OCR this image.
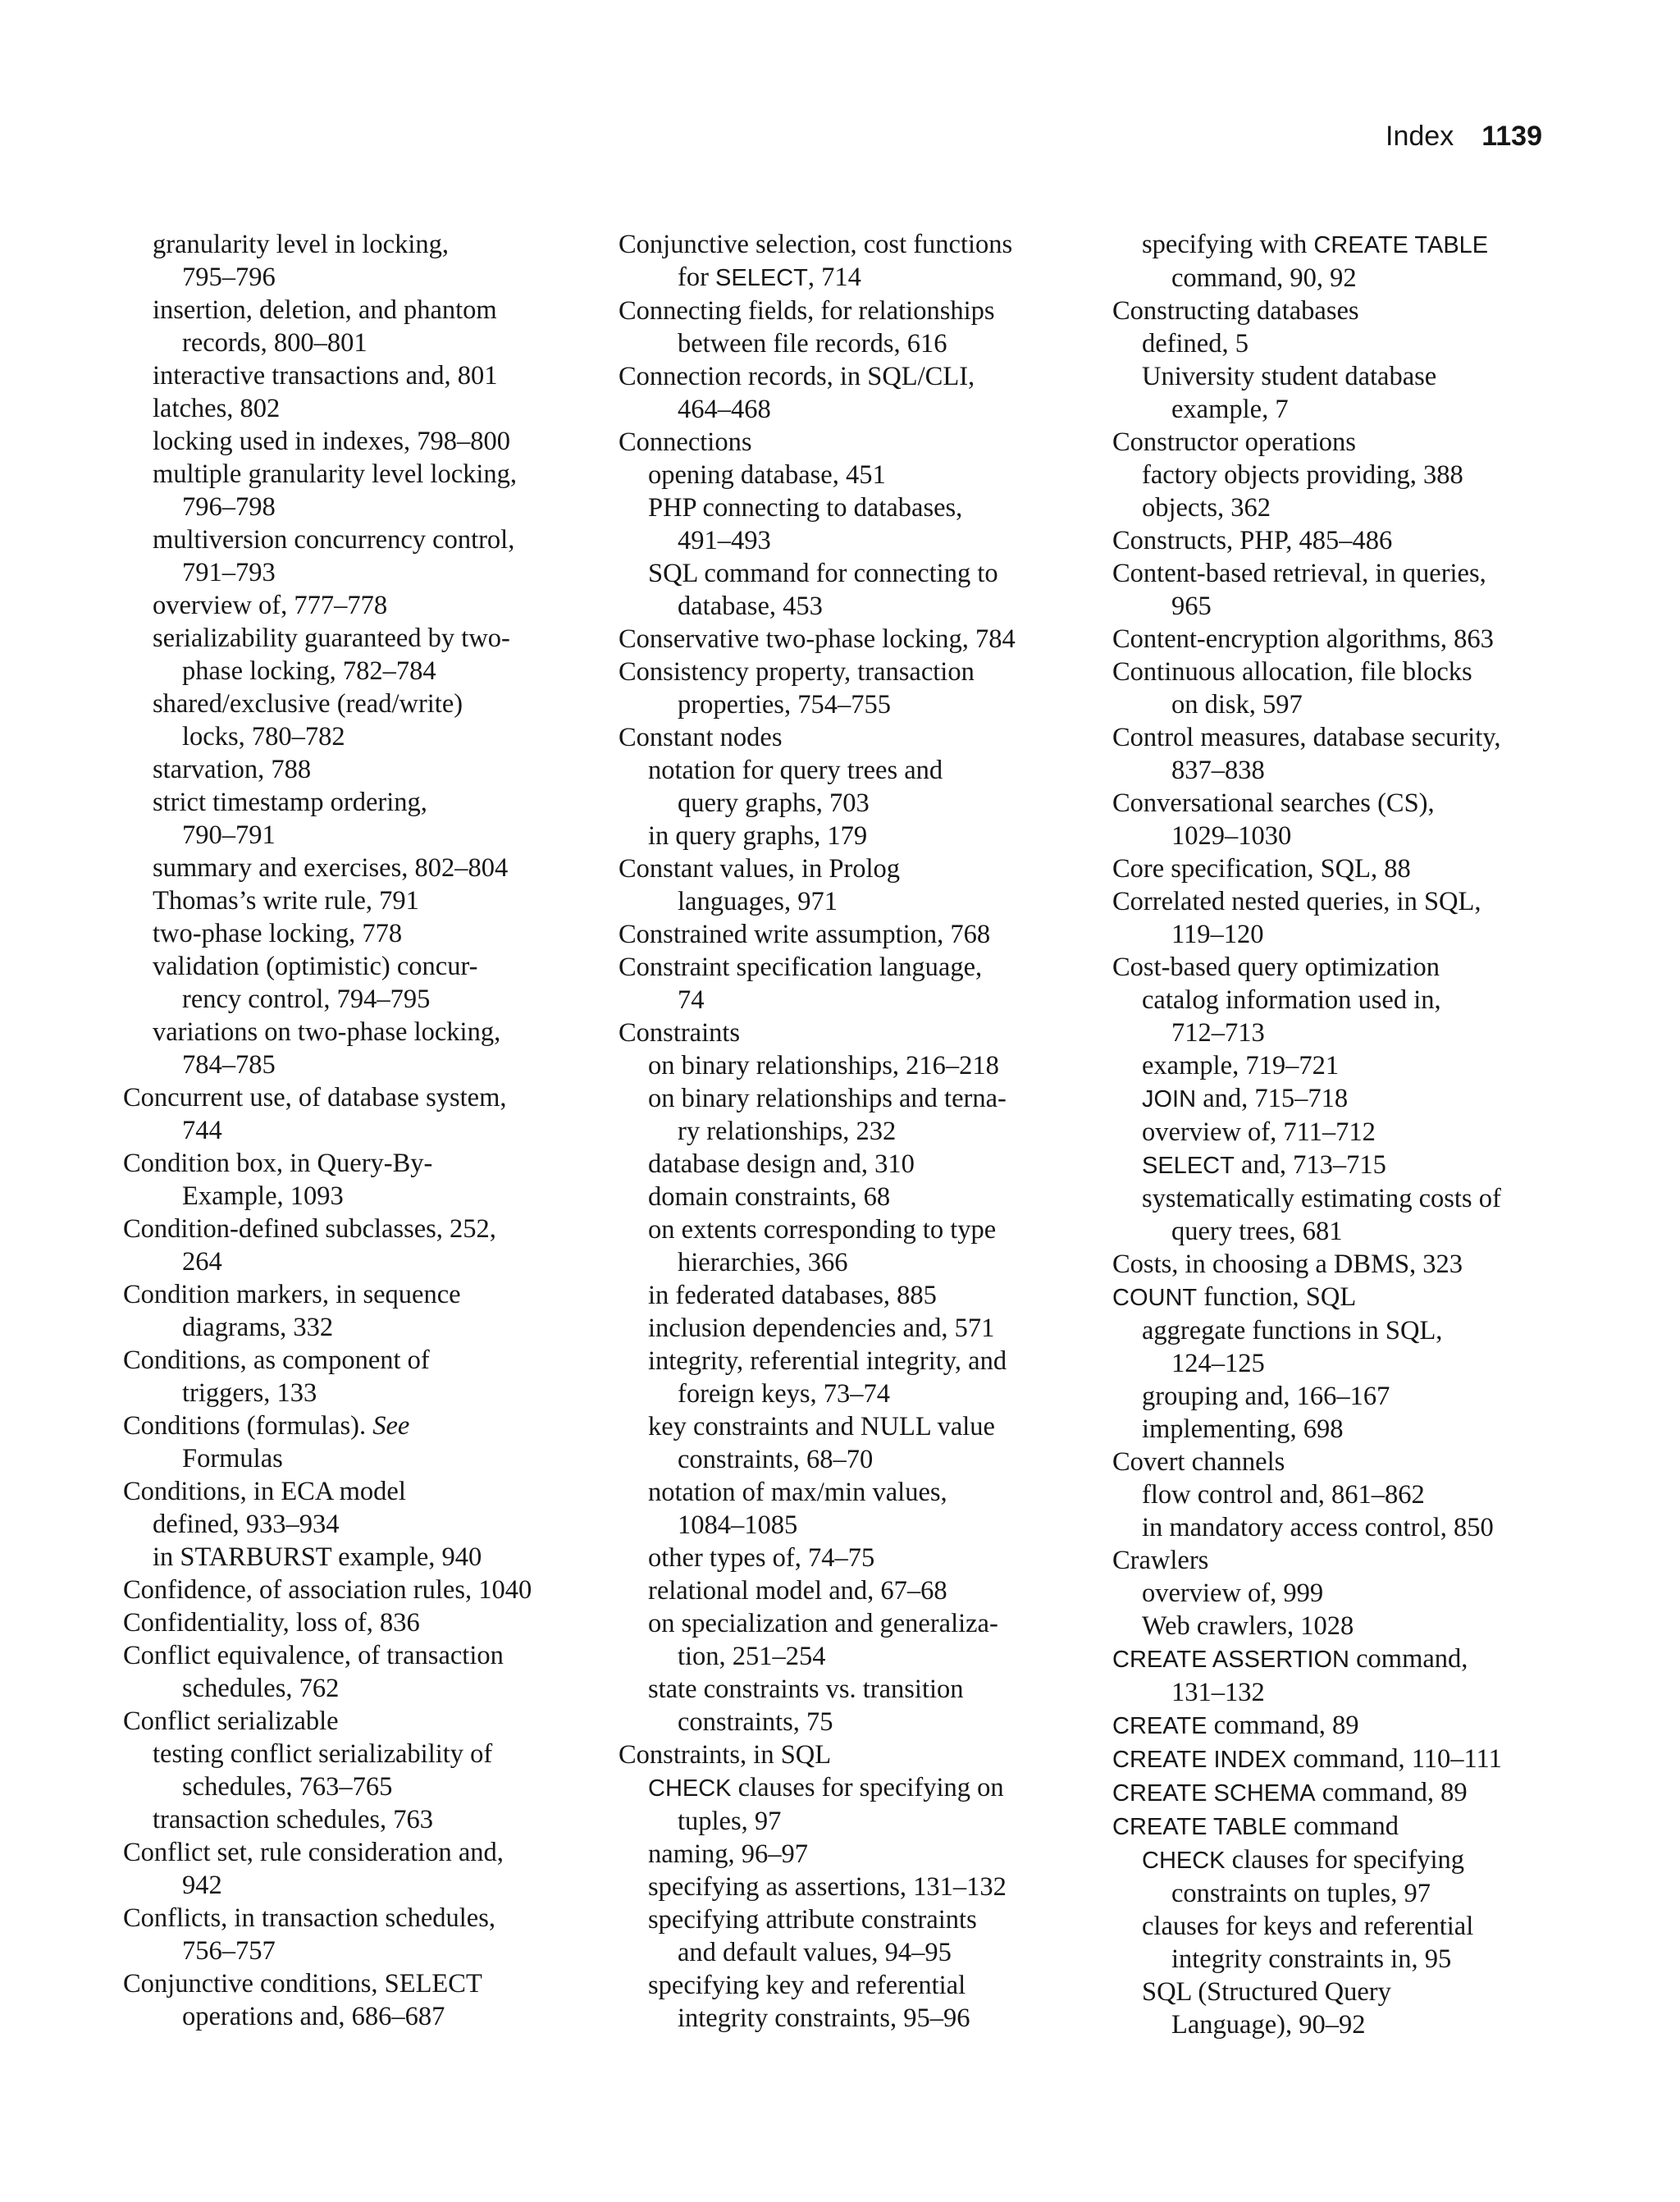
Index 1139
granularity level in locking,
795–796
insertion, deletion, and phantom
records, 800–801
interactive transactions and, 801
latches, 802
locking used in indexes, 798–800
multiple granularity level locking,
796–798
multiversion concurrency control,
791–793
overview of, 777–778
serializability guaranteed by two-
phase locking, 782–784
shared/exclusive (read/write)
locks, 780–782
starvation, 788
strict timestamp ordering,
790–791
summary and exercises, 802–804
Thomas’s write rule, 791
two-phase locking, 778
validation (optimistic) concur-
rency control, 794–795
variations on two-phase locking,
784–785
Concurrent use, of database system,
744
Condition box, in Query-By-
Example, 1093
Condition-defined subclasses, 252,
264
Condition markers, in sequence
diagrams, 332
Conditions, as component of
triggers, 133
Conditions (formulas). See
Formulas
Conditions, in ECA model
defined, 933–934
in STARBURST example, 940
Confidence, of association rules, 1040
Confidentiality, loss of, 836
Conflict equivalence, of transaction
schedules, 762
Conflict serializable
testing conflict serializability of
schedules, 763–765
transaction schedules, 763
Conflict set, rule consideration and,
942
Conflicts, in transaction schedules,
756–757
Conjunctive conditions, SELECT
operations and, 686–687
Conjunctive selection, cost functions
for SELECT, 714
Connecting fields, for relationships
between file records, 616
Connection records, in SQL/CLI,
464–468
Connections
opening database, 451
PHP connecting to databases,
491–493
SQL command for connecting to
database, 453
Conservative two-phase locking, 784
Consistency property, transaction
properties, 754–755
Constant nodes
notation for query trees and
query graphs, 703
in query graphs, 179
Constant values, in Prolog
languages, 971
Constrained write assumption, 768
Constraint specification language,
74
Constraints
on binary relationships, 216–218
on binary relationships and terna-
ry relationships, 232
database design and, 310
domain constraints, 68
on extents corresponding to type
hierarchies, 366
in federated databases, 885
inclusion dependencies and, 571
integrity, referential integrity, and
foreign keys, 73–74
key constraints and NULL value
constraints, 68–70
notation of max/min values,
1084–1085
other types of, 74–75
relational model and, 67–68
on specialization and generaliza-
tion, 251–254
state constraints vs. transition
constraints, 75
Constraints, in SQL
CHECK clauses for specifying on
tuples, 97
naming, 96–97
specifying as assertions, 131–132
specifying attribute constraints
and default values, 94–95
specifying key and referential
integrity constraints, 95–96
specifying with CREATE TABLE
command, 90, 92
Constructing databases
defined, 5
University student database
example, 7
Constructor operations
factory objects providing, 388
objects, 362
Constructs, PHP, 485–486
Content-based retrieval, in queries,
965
Content-encryption algorithms, 863
Continuous allocation, file blocks
on disk, 597
Control measures, database security,
837–838
Conversational searches (CS),
1029–1030
Core specification, SQL, 88
Correlated nested queries, in SQL,
119–120
Cost-based query optimization
catalog information used in,
712–713
example, 719–721
JOIN and, 715–718
overview of, 711–712
SELECT and, 713–715
systematically estimating costs of
query trees, 681
Costs, in choosing a DBMS, 323
COUNT function, SQL
aggregate functions in SQL,
124–125
grouping and, 166–167
implementing, 698
Covert channels
flow control and, 861–862
in mandatory access control, 850
Crawlers
overview of, 999
Web crawlers, 1028
CREATE ASSERTION command,
131–132
CREATE command, 89
CREATE INDEX command, 110–111
CREATE SCHEMA command, 89
CREATE TABLE command
CHECK clauses for specifying
constraints on tuples, 97
clauses for keys and referential
integrity constraints in, 95
SQL (Structured Query
Language), 90–92
